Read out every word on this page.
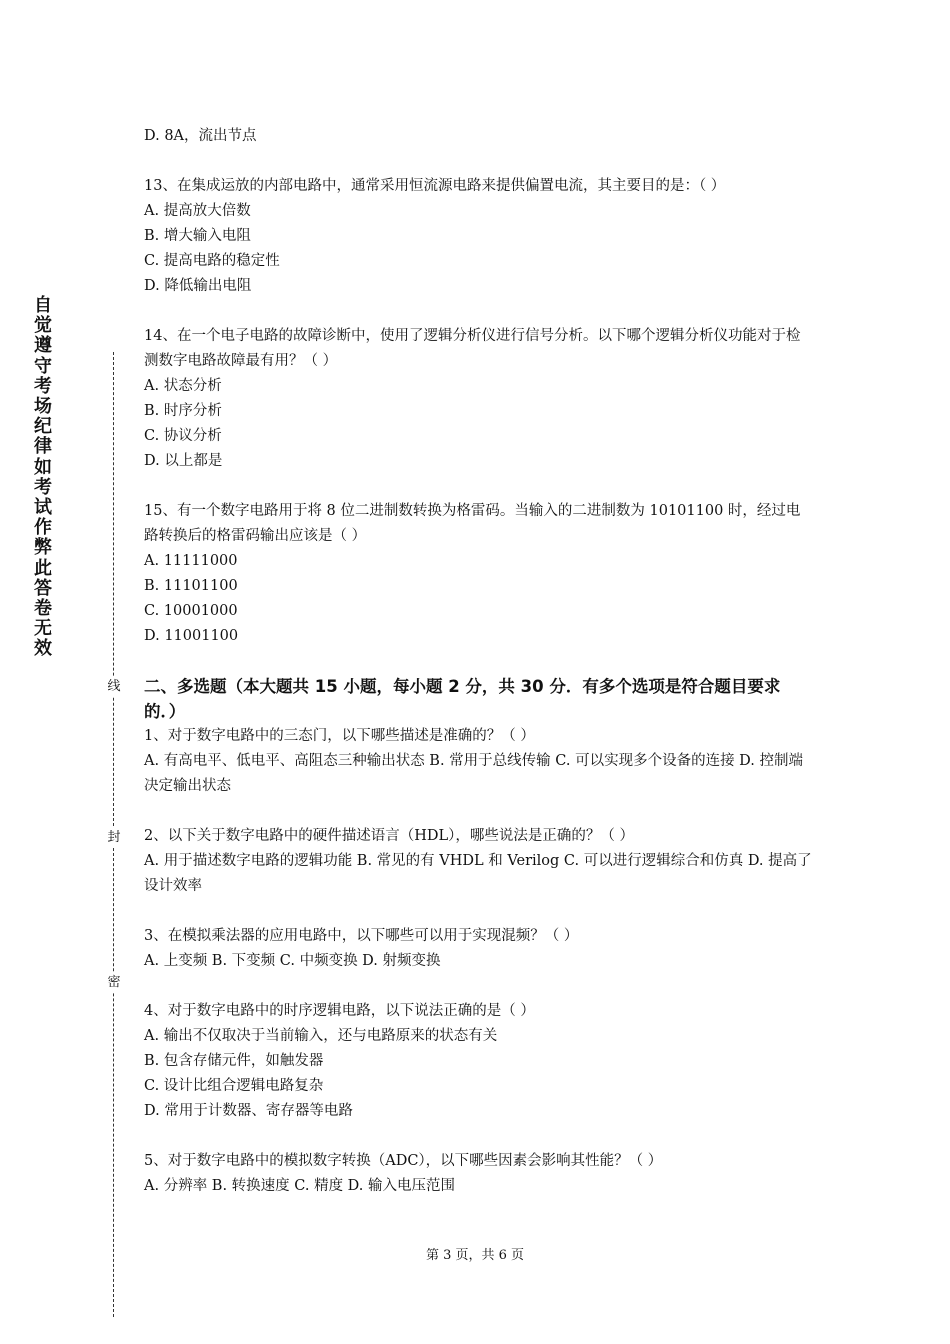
自觉遵守考场纪律如考试作弊此答卷无效
线
封
密

D. 8A，流出节点

13、在集成运放的内部电路中，通常采用恒流源电路来提供偏置电流，其主要目的是：（ ）

A. 提高放大倍数

B. 增大输入电阻

C. 提高电路的稳定性

D. 降低输出电阻

14、在一个电子电路的故障诊断中，使用了逻辑分析仪进行信号分析。以下哪个逻辑分析仪功能对于检测数字电路故障最有用？（ ）

A. 状态分析

B. 时序分析

C. 协议分析

D. 以上都是

15、有一个数字电路用于将 8 位二进制数转换为格雷码。当输入的二进制数为 10101100 时，经过电路转换后的格雷码输出应该是（ ）

A. 11111000

B. 11101100

C. 10001000

D. 11001100

二、多选题（本大题共 15 小题，每小题 2 分，共 30 分．有多个选项是符合题目要求的．）

1、对于数字电路中的三态门，以下哪些描述是准确的？（ ）

A. 有高电平、低电平、高阻态三种输出状态 B. 常用于总线传输 C. 可以实现多个设备的连接 D. 控制端决定输出状态

2、以下关于数字电路中的硬件描述语言（HDL），哪些说法是正确的？（ ）

A. 用于描述数字电路的逻辑功能 B. 常见的有 VHDL 和 Verilog C. 可以进行逻辑综合和仿真 D. 提高了设计效率

3、在模拟乘法器的应用电路中，以下哪些可以用于实现混频？（ ）

A. 上变频 B. 下变频 C. 中频变换 D. 射频变换

4、对于数字电路中的时序逻辑电路，以下说法正确的是（ ）

A. 输出不仅取决于当前输入，还与电路原来的状态有关

B. 包含存储元件，如触发器

C. 设计比组合逻辑电路复杂

D. 常用于计数器、寄存器等电路

5、对于数字电路中的模拟数字转换（ADC），以下哪些因素会影响其性能？（ ）

A. 分辨率 B. 转换速度 C. 精度 D. 输入电压范围

第 3 页，共 6 页
